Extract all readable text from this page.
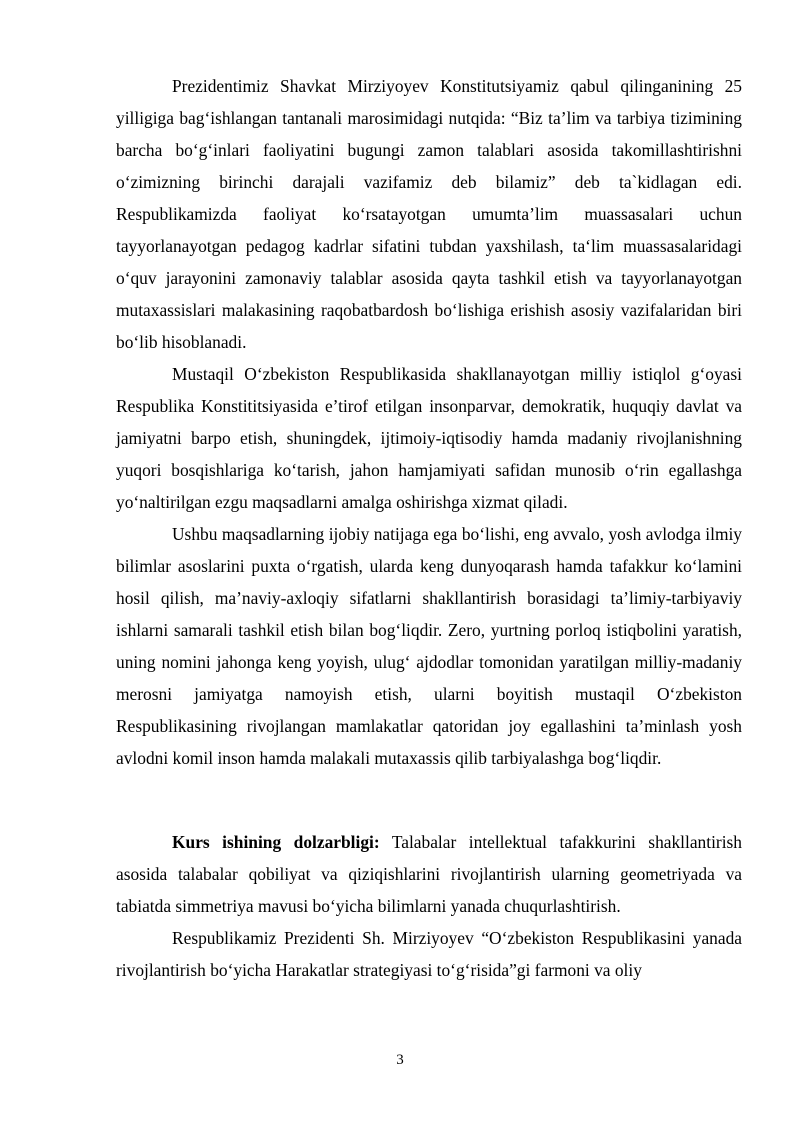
Prezidentimiz Shavkat Mirziyoyev Konstitutsiyamiz qabul qilinganining 25 yilligiga bag‘ishlangan tantanali marosimidagi nutqida: “Biz ta’lim va tarbiya tizimining barcha bo‘g‘inlari faoliyatini bugungi zamon talablari asosida takomillashtirishni o‘zimizning birinchi darajali vazifamiz deb bilamiz” deb ta`kidlagan edi. Respublikamizda faoliyat ko‘rsatayotgan umumta’lim muassasalari uchun tayyorlanayotgan pedagog kadrlar sifatini tubdan yaxshilash, ta‘lim muassasalaridagi o‘quv jarayonini zamonaviy talablar asosida qayta tashkil etish va tayyorlanayotgan mutaxassislari malakasining raqobatbardosh bo‘lishiga erishish asosiy vazifalaridan biri bo‘lib hisoblanadi.

Mustaqil O‘zbekiston Respublikasida shakllanayotgan milliy istiqlol g‘oyasi Respublika Konstititsiyasida e’tirof etilgan insonparvar, demokratik, huquqiy davlat va jamiyatni barpo etish, shuningdek, ijtimoiy-iqtisodiy hamda madaniy rivojlanishning yuqori bosqishlariga ko‘tarish, jahon hamjamiyati safidan munosib o‘rin egallashga yo‘naltirilgan ezgu maqsadlarni amalga oshirishga xizmat qiladi.

Ushbu maqsadlarning ijobiy natijaga ega bo‘lishi, eng avvalo, yosh avlodga ilmiy bilimlar asoslarini puxta o‘rgatish, ularda keng dunyoqarash hamda tafakkur ko‘lamini hosil qilish, ma’naviy-axloqiy sifatlarni shakllantirish borasidagi ta’limiy-tarbiyaviy ishlarni samarali tashkil etish bilan bog‘liqdir. Zero, yurtning porloq istiqbolini yaratish, uning nomini jahonga keng yoyish, ulug‘ ajdodlar tomonidan yaratilgan milliy-madaniy merosni jamiyatga namoyish etish, ularni boyitish mustaqil O‘zbekiston Respublikasining rivojlangan mamlakatlar qatoridan joy egallashini ta’minlash yosh avlodni komil inson hamda malakali mutaxassis qilib tarbiyalashga bog‘liqdir.

Kurs ishining dolzarbligi: Talabalar intellektual tafakkurini shakllantirish asosida talabalar qobiliyat va qiziqishlarini rivojlantirish ularning geometriyada va tabiatda simmetriya mavusi bo‘yicha bilimlarni yanada chuqurlashtirish.

Respublikamiz Prezidenti Sh. Mirziyoyev “O‘zbekiston Respublikasini yanada rivojlantirish bo‘yicha Harakatlar strategiyasi to‘g‘risida”gi farmoni va oliy

3
